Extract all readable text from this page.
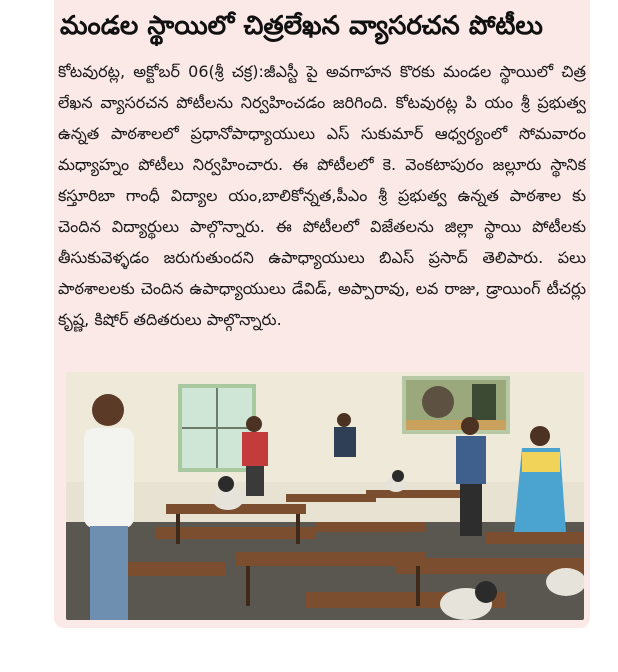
మండల స్థాయిలో చిత్రలేఖన వ్యాసరచన పోటీలు

కోటవురట్ల, అక్టోబర్ 06(శ్రీ చక్ర):జీఎస్టీ పై అవగాహన కొరకు మండల స్థాయిలో చిత్ర లేఖన వ్యాసరచన పోటీలను నిర్వహించడం జరిగింది. కోటవురట్ల పి యం శ్రీ ప్రభుత్వ ఉన్నత పాఠశాలలో ప్రధానోపాధ్యాయులు ఎస్ సుకుమార్ ఆధ్వర్యంలో సోమవారం మధ్యాహ్నం పోటీలు నిర్వహించారు. ఈ పోటీలలో కె. వెంకటాపురం జల్లూరు స్థానిక కస్తూరిబా గాంధీ విద్యాల యం,బాలికోన్నత,పీఎం శ్రీ ప్రభుత్వ ఉన్నత పాఠశాల కు చెందిన విద్యార్థులు పాల్గొన్నారు. ఈ పోటీలలో విజేతలను జిల్లా స్థాయి పోటీలకు తీసుకువెళ్ళడం జరుగుతుందని ఉపాధ్యాయులు బిఎస్ ప్రసాద్ తెలిపారు. పలు పాఠశాలలకు చెందిన ఉపాధ్యాయులు డేవిడ్, అప్పారావు, లవ రాజు, డ్రాయింగ్ టీచర్లు కృష్ణ, కిషోర్ తదితరులు పాల్గొన్నారు.
